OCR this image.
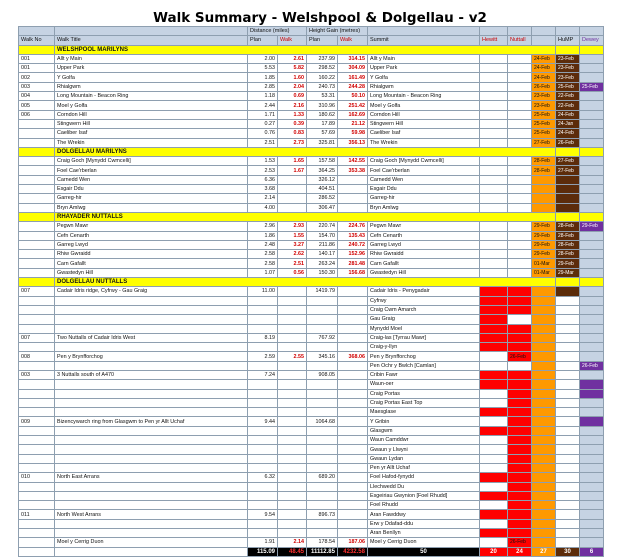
Walk Summary - Welshpool & Dolgellau - v2
		Distance (miles)		Height Gain (metres)							
Walk No	Walk Title	Plan	Walk	Plan	Walk	Summit	Hewitt	Nuttall		HuMP	Dewey
	WELSHPOOL MARILYNS										
001	Allt y Main	2.00	2.61	237.99	314.15	Allt y Main			24-Feb	23-Feb	
001	Upper Park	5.53	5.82	298.52	304.09	Upper Park			24-Feb	23-Feb	
002	Y Golfa	1.85	1.60	160.22	161.49	Y Golfa			24-Feb	23-Feb	
003	Rhialgwm	2.85	2.04	240.73	244.28	Rhialgwm			26-Feb	25-Feb	25-Feb
004	Long Mountain - Beacon Ring	1.18	0.69	53.31	50.10	Long Mountain - Beacon Ring			23-Feb	22-Feb	
005	Moel y Golfa	2.44	2.16	310.96	251.42	Moel y Golfa			23-Feb	22-Feb	
006	Corndon Hill	1.71	1.33	180.62	162.69	Corndon Hill			25-Feb	24-Feb	
	Stingwern Hill	0.27	0.39	17.89	21.12	Stingwern Hill			25-Feb	24-Jan	
	Caeliber Isaf	0.76	0.83	57.69	59.98	Caeliber Isaf			25-Feb	24-Feb	
	The Wrekin	2.51	2.73	325.81	356.13	The Wrekin			27-Feb	26-Feb	
	DOLGELLAU MARILYNS										
	Craig Goch [Mynydd Cwmcelli]	1.53	1.65	157.58	142.55	Craig Goch [Mynydd Cwmcelli]			28-Feb	27-Feb	
	Foel Cae'rberlan	2.53	1.67	364.25	353.38	Foel Cae'rberlan			28-Feb	27-Feb	
	Carnedd Wen	6.36		326.12		Carnedd Wen					
	Esgair Ddu	3.68		404.51		Esgair Ddu					
	Garreg-hir	2.14		286.52		Garreg-hir					
	Bryn Amlwg	4.00		306.47		Bryn Amlwg					
	RHAYADER NUTTALLS										
	Pegwn Mawr	2.96	2.93	220.74	224.76	Pegwn Mawr			29-Feb	28-Feb	29-Feb
	Cefn Cenarth	1.86	1.55	154.70	135.43	Cefn Cenarth			29-Feb	28-Feb	
	Garreg Lwyd	2.48	3.27	211.86	240.72	Garreg Lwyd			29-Feb	28-Feb	
	Rhiw Gwraidd	2.58	2.62	140.17	152.96	Rhiw Gwraidd			29-Feb	28-Feb	
	Carn Gafallt	2.58	2.51	263.24	281.48	Carn Gafallt			01-Mar	29-Feb	
	Gwastedyn Hill	1.07	0.56	150.30	156.68	Gwastedyn Hill			01-Mar	29-Mar	
	DOLGELLAU NUTTALLS										
007	Cadair Idris ridge, Cyfrwy - Gau Graig	11.00		1419.79		Cadair Idris - Penygadair					
						Cyfrwy					
						Craig Cwm Amarch					
						Gau Graig					
						Mynydd Moel					
007	Two Nuttalls of Cadair Idris West	8.19		767.92		Craig-las [Tyrrau Mawr]					
						Craig-y-llyn					
008	Pen y Brynfforchog	2.59	2.55	345.16	368.06	Pen y Brynfforchog		26-Feb			
						Pen Ochr y Bwlch [Camlan]					26-Feb
003	3 Nuttalls south of A470	7.24		908.05		Cribin Fawr					
						Waun-oer					
						Craig Portas					
						Craig Portas East Top					
						Maesglase					
009	Bizencywarch ring from Glasgwm to Pen yr Allt Uchaf	9.44		1064.68		Y Gribin					
						Glasgwm					
						Waun Camddwr					
						Gwaun y Llwyni					
						Gwaun Lydan					
						Pen yr Allt Uchaf					
010	North East Arrans	6.32		689.20		Foel Hafod-fynydd					
						Llechwedd Du					
						Esgeiriau Gwynion [Foel Rhudd]					
						Foel Rhudd					
011	North West Arrans	9.54		896.73		Aran Fawddwy					
						Erw y Ddafad-ddu					
						Aran Benllyn					
	Moel y Cerrig Duon	1.91	2.14	178.54	187.06	Moel y Cerrig Duon		26-Feb			
		115.09	48.45	11112.85	4232.58	50	20	24	27	30	6
